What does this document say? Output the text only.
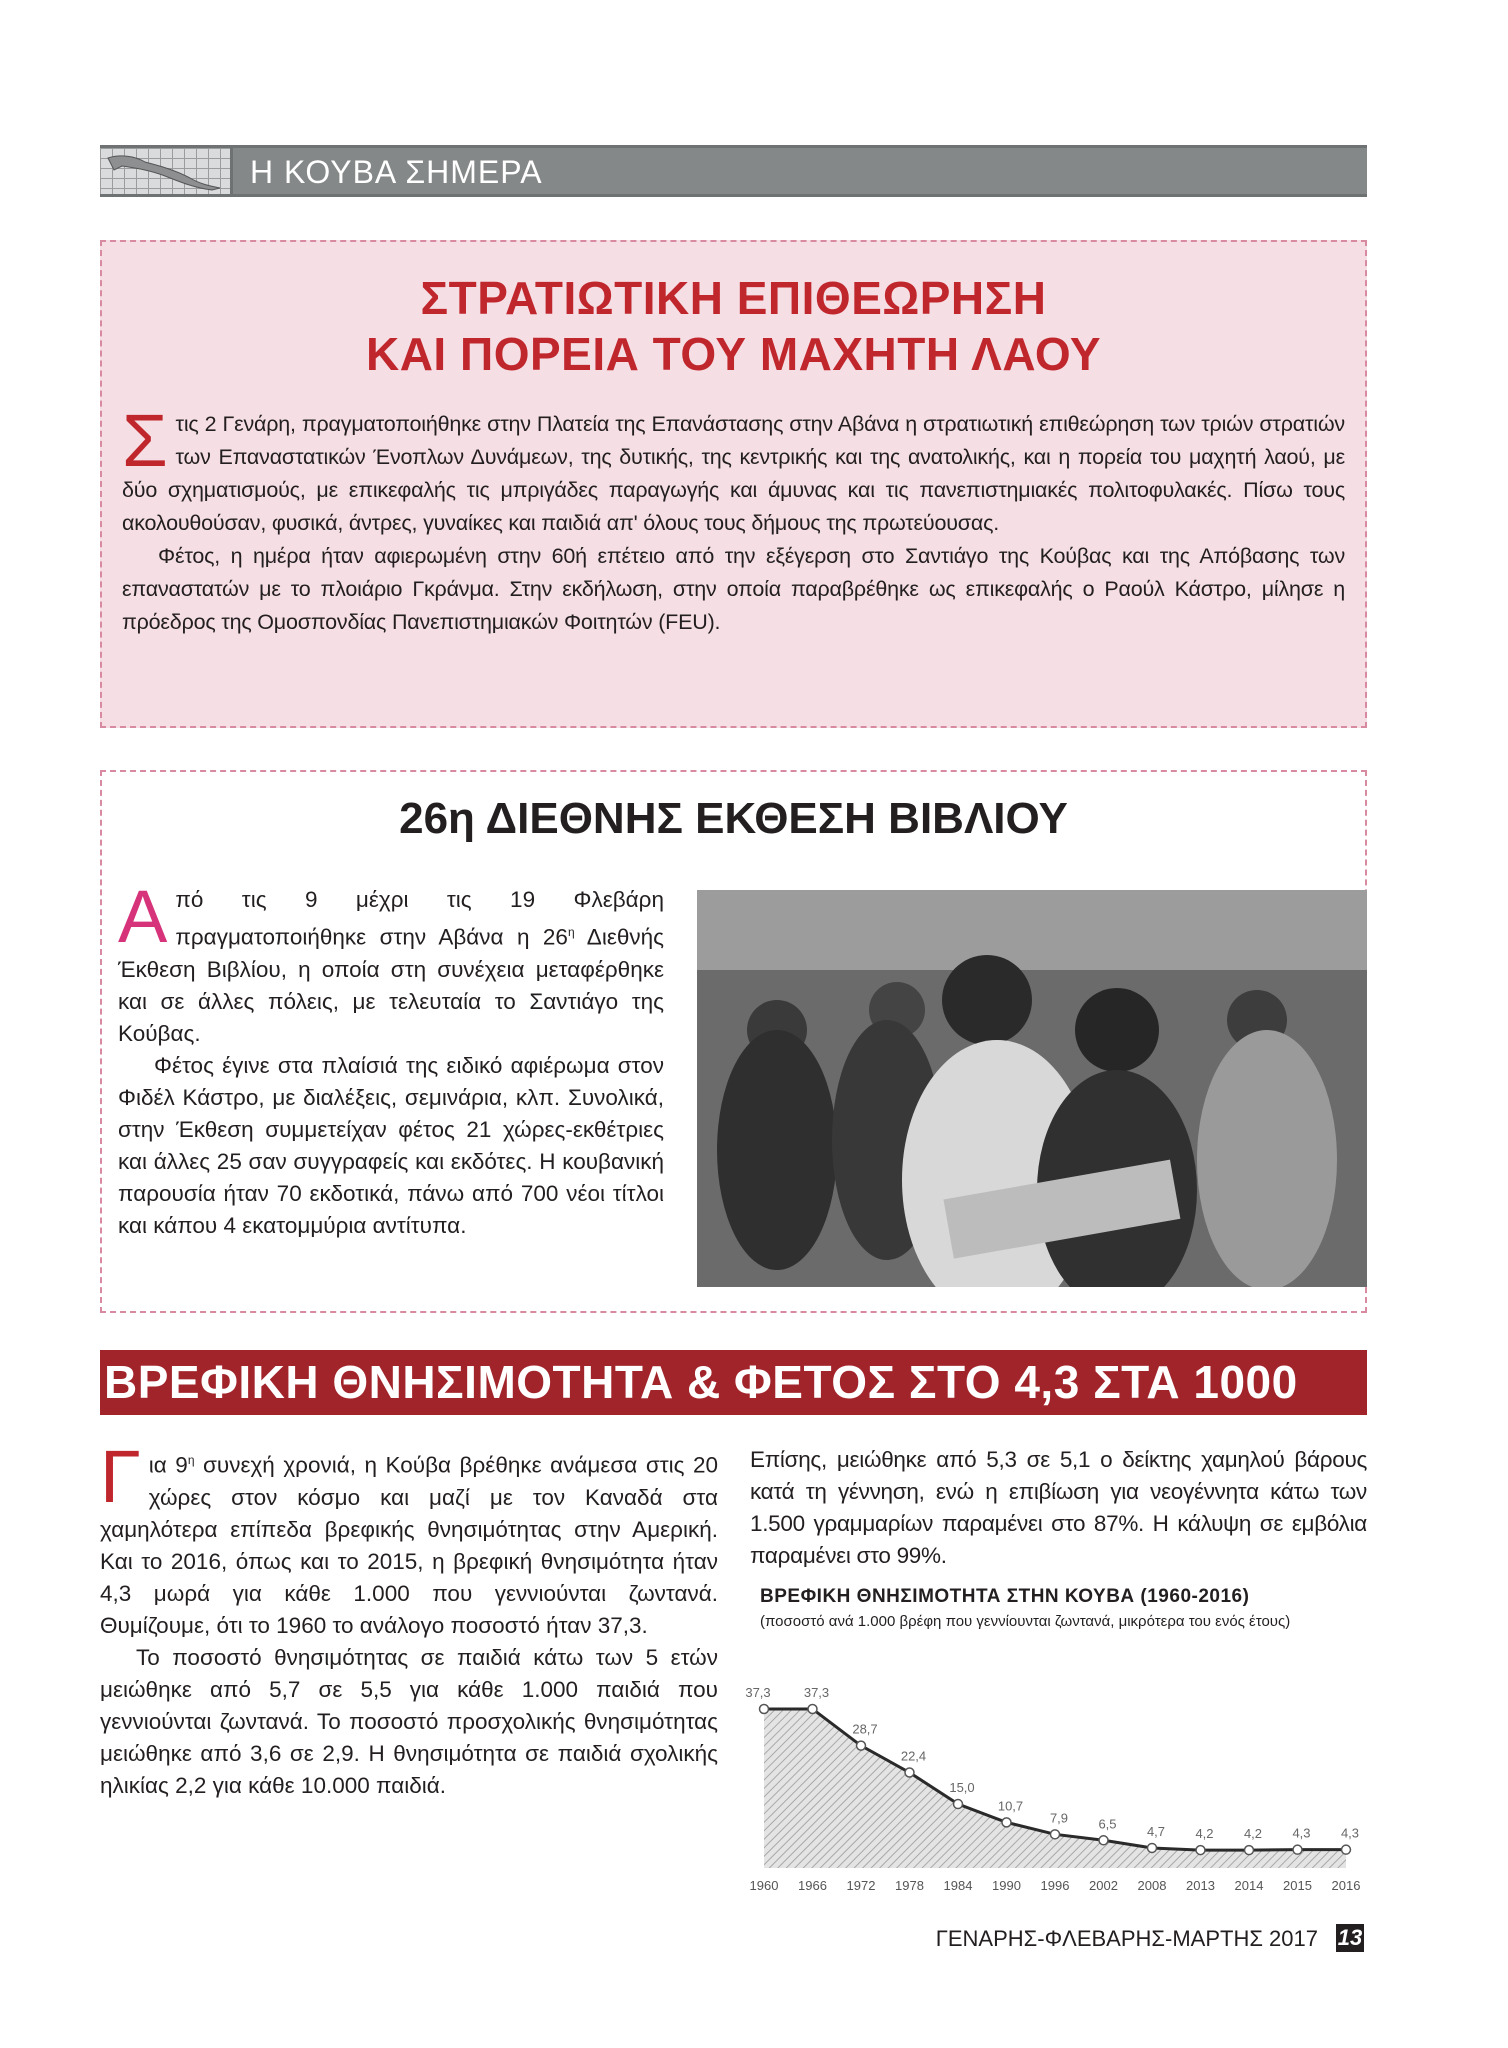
Η ΚΟΥΒΑ ΣΗΜΕΡΑ
ΣΤΡΑΤΙΩΤΙΚΗ ΕΠΙΘΕΩΡΗΣΗ
ΚΑΙ ΠΟΡΕΙΑ ΤΟΥ ΜΑΧΗΤΗ ΛΑΟΥ

Στις 2 Γενάρη, πραγματοποιήθηκε στην Πλατεία της Επανάστασης στην Αβάνα η στρατιωτική επιθεώρηση των τριών στρατιών των Επαναστατικών Ένοπλων Δυνάμεων, της δυτικής, της κεντρικής και της ανατολικής, και η πορεία του μαχητή λαού, με δύο σχηματισμούς, με επικεφαλής τις μπριγάδες παραγωγής και άμυνας και τις πανεπιστημιακές πολιτοφυλακές. Πίσω τους ακολουθούσαν, φυσικά, άντρες, γυναίκες και παιδιά απ' όλους τους δήμους της πρωτεύουσας.

Φέτος, η ημέρα ήταν αφιερωμένη στην 60ή επέτειο από την εξέγερση στο Σαντιάγο της Κούβας και της Απόβασης των επαναστατών με το πλοιάριο Γκράνμα. Στην εκδήλωση, στην οποία παραβρέθηκε ως επικεφαλής ο Ραούλ Κάστρο, μίλησε η πρόεδρος της Ομοσπονδίας Πανεπιστημιακών Φοιτητών (FEU).

26η ΔΙΕΘΝΗΣ ΕΚΘΕΣΗ ΒΙΒΛΙΟΥ

Από τις 9 μέχρι τις 19 Φλεβάρη πραγματοποιήθηκε στην Αβάνα η $26^\eta$ Διεθνής Έκθεση Βιβλίου, η οποία στη συνέχεια μεταφέρθηκε και σε άλλες πόλεις, με τελευταία το Σαντιάγο της Κούβας.

Φέτος έγινε στα πλαίσιά της ειδικό αφιέρωμα στον Φιδέλ Κάστρο, με διαλέξεις, σεμινάρια, κλπ. Συνολικά, στην Έκθεση συμμετείχαν φέτος 21 χώρες-εκθέτριες και άλλες 25 σαν συγγραφείς και εκδότες. Η κουβανική παρουσία ήταν 70 εκδοτικά, πάνω από 700 νέοι τίτλοι και κάπου 4 εκατομμύρια αντίτυπα.

ΒΡΕΦΙΚΗ ΘΝΗΣΙΜΟΤΗΤΑ & ΦΕΤΟΣ ΣΤΟ 4,3 ΣΤΑ 1000

Για $9^\eta$ συνεχή χρονιά, η Κούβα βρέθηκε ανάμεσα στις 20 χώρες στον κόσμο και μαζί με τον Καναδά στα χαμηλότερα επίπεδα βρεφικής θνησιμότητας στην Αμερική. Και το 2016, όπως και το 2015, η βρεφική θνησιμότητα ήταν 4,3 μωρά για κάθε 1.000 που γεννιούνται ζωντανά. Θυμίζουμε, ότι το 1960 το ανάλογο ποσοστό ήταν 37,3.

Το ποσοστό θνησιμότητας σε παιδιά κάτω των 5 ετών μειώθηκε από 5,7 σε 5,5 για κάθε 1.000 παιδιά που γεννιούνται ζωντανά. Το ποσοστό προσχολικής θνησιμότητας μειώθηκε από 3,6 σε 2,9. Η θνησιμότητα σε παιδιά σχολικής ηλικίας 2,2 για κάθε 10.000 παιδιά.

Επίσης, μειώθηκε από 5,3 σε 5,1 ο δείκτης χαμηλού βάρους κατά τη γέννηση, ενώ η επιβίωση για νεογέννητα κάτω των 1.500 γραμμαρίων παραμένει στο 87%. Η κάλυψη σε εμβόλια παραμένει στο 99%.

ΒΡΕΦΙΚΗ ΘΝΗΣΙΜΟΤΗΤΑ ΣΤΗΝ ΚΟΥΒΑ (1960-2016)
(ποσοστό ανά 1.000 βρέφη που γεννίουνται ζωντανά, μικρότερα του ενός έτους)
37,3
1960
37,3
1966
28,7
1972
22,4
1978
15,0
1984
10,7
1990
7,9
1996
6,5
2002
4,7
2008
4,2
2013
4,2
2014
4,3
2015
4,3
2016
ΓΕΝΑΡΗΣ-ΦΛΕΒΑΡΗΣ-ΜΑΡΤΗΣ 2017 13
